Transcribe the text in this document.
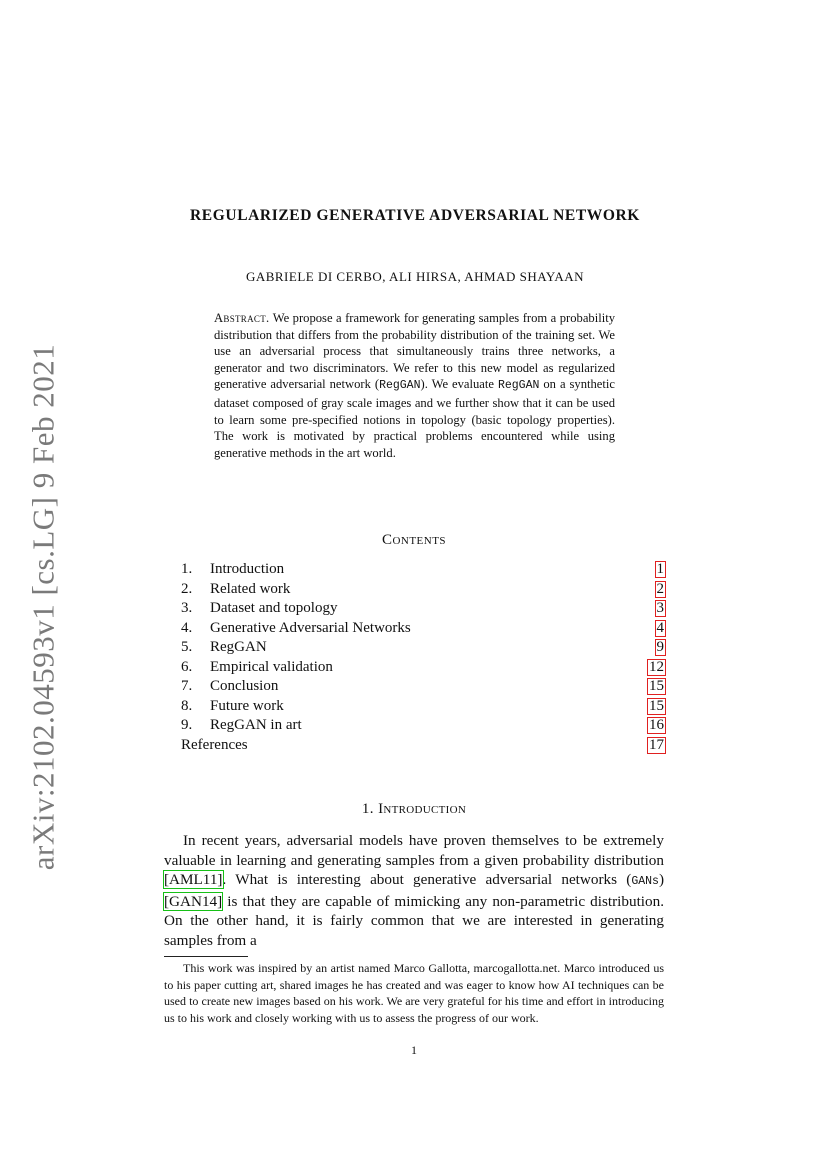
arXiv:2102.04593v1 [cs.LG] 9 Feb 2021
REGULARIZED GENERATIVE ADVERSARIAL NETWORK
GABRIELE DI CERBO, ALI HIRSA, AHMAD SHAYAAN
Abstract. We propose a framework for generating samples from a probability distribution that differs from the probability distribution of the training set. We use an adversarial process that simultaneously trains three networks, a generator and two discriminators. We refer to this new model as regularized generative adversarial network (RegGAN). We evaluate RegGAN on a synthetic dataset composed of gray scale images and we further show that it can be used to learn some pre-specified notions in topology (basic topology properties). The work is motivated by practical problems encountered while using generative methods in the art world.
Contents
1. Introduction	1
2. Related work	2
3. Dataset and topology	3
4. Generative Adversarial Networks	4
5. RegGAN	9
6. Empirical validation	12
7. Conclusion	15
8. Future work	15
9. RegGAN in art	16
References	17
1. Introduction

In recent years, adversarial models have proven themselves to be extremely valuable in learning and generating samples from a given probability distribution [AML11]. What is interesting about generative adversarial networks (GANs) [GAN14] is that they are capable of mimicking any non-parametric distribution. On the other hand, it is fairly common that we are interested in generating samples from a

This work was inspired by an artist named Marco Gallotta, marcogallotta.net. Marco introduced us to his paper cutting art, shared images he has created and was eager to know how AI techniques can be used to create new images based on his work. We are very grateful for his time and effort in introducing us to his work and closely working with us to assess the progress of our work.

1
